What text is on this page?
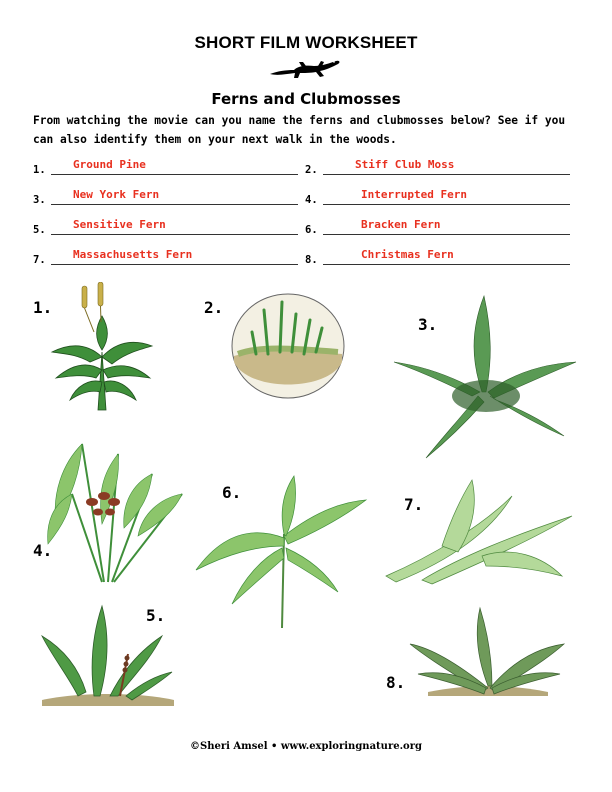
SHORT FILM WORKSHEET
Ferns and Clubmosses
From watching the movie can you name the ferns and clubmosses below? See if you can also identify them on your next walk in the woods.
1. Ground Pine	2.	Stiff Club Moss
3. New York Fern	4.	Interrupted Fern
5. Sensitive Fern	6.	Bracken Fern
7. Massachusetts Fern	8.	Christmas Fern
1.	2.
3.
4.
5.
6.
7.
8.
©Sheri Amsel • www.exploringnature.org
